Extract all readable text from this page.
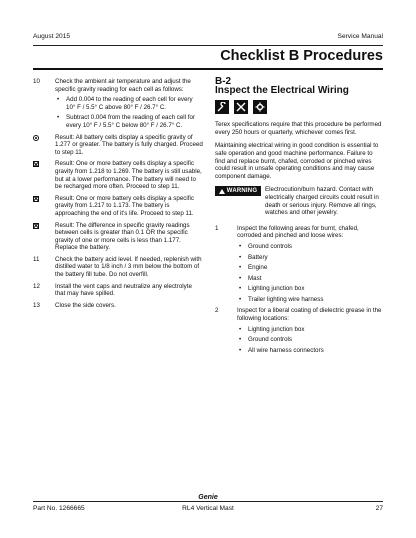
August 2015	Service Manual
Checklist B Procedures
10 Check the ambient air temperature and adjust the specific gravity reading for each cell as follows:
• Add 0.004 to the reading of each cell for every 10° F / 5.5° C above 80° F / 26.7° C.
• Subtract 0.004 from the reading of each cell for every 10° F / 5.5° C below 80° F / 26.7° C.
Result: All battery cells display a specific gravity of 1.277 or greater. The battery is fully charged. Proceed to step 11.
Result: One or more battery cells display a specific gravity from 1.218 to 1.269. The battery is still usable, but at a lower performance. The battery will need to be recharged more often. Proceed to step 11.
Result: One or more battery cells display a specific gravity from 1.217 to 1.173. The battery is approaching the end of it's life. Proceed to step 11.
Result: The difference in specific gravity readings between cells is greater than 0.1 OR the specific gravity of one or more cells is less than 1.177. Replace the battery.
11	Check the battery acid level. If needed, replenish with distilled water to 1/8 inch / 3 mm below the bottom of the battery fill tube. Do not overfill.
12 Install the vent caps and neutralize any electrolyte that may have spilled.
13 Close the side covers.
B-2
Inspect the Electrical Wiring
Terex specifications require that this procedure be performed every 250 hours or quarterly, whichever comes first.
Maintaining electrical wiring in good condition is essential to safe operation and good machine performance. Failure to find and replace burnt, chafed, corroded or pinched wires could result in unsafe operating conditions and may cause component damage.
WARNING Electrocution/burn hazard. Contact with electrically charged circuits could result in death or serious injury. Remove all rings, watches and other jewelry.
1	Inspect the following areas for burnt, chafed, corroded and pinched and loose wires:
• Ground controls
• Battery
• Engine
• Mast
• Lighting junction box
• Trailer lighting wire harness
2	Inspect for a liberal coating of dielectric grease in the following locations:
• Lighting junction box
• Ground controls
• All wire harness connectors
Genie
Part No. 1266665	RL4 Vertical Mast	27
